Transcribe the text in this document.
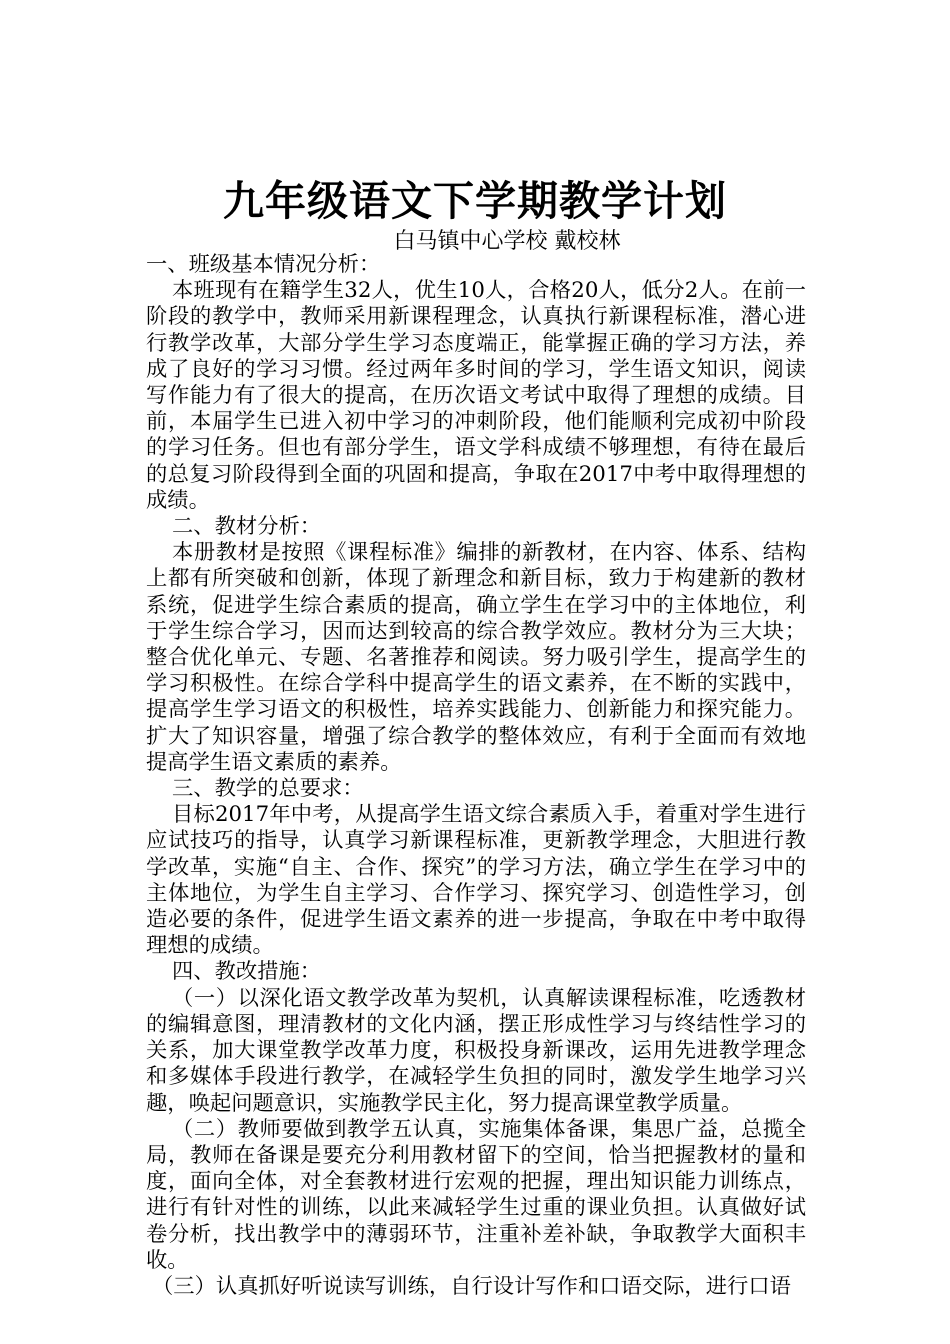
九年级语文下学期教学计划
白马镇中心学校 戴校林

一、班级基本情况分析：

本班现有在籍学生32人，优生10人，合格20人，低分2人。在前一阶段的教学中，教师采用新课程理念，认真执行新课程标准，潜心进行教学改革，大部分学生学习态度端正，能掌握正确的学习方法，养成了良好的学习习惯。经过两年多时间的学习，学生语文知识，阅读写作能力有了很大的提高，在历次语文考试中取得了理想的成绩。目前，本届学生已进入初中学习的冲刺阶段，他们能顺利完成初中阶段的学习任务。但也有部分学生，语文学科成绩不够理想，有待在最后的总复习阶段得到全面的巩固和提高，争取在2017中考中取得理想的成绩。

二、教材分析：

本册教材是按照《课程标准》编排的新教材，在内容、体系、结构上都有所突破和创新，体现了新理念和新目标，致力于构建新的教材系统，促进学生综合素质的提高，确立学生在学习中的主体地位，利于学生综合学习，因而达到较高的综合教学效应。教材分为三大块；整合优化单元、专题、名著推荐和阅读。努力吸引学生，提高学生的学习积极性。在综合学科中提高学生的语文素养，在不断的实践中，提高学生学习语文的积极性，培养实践能力、创新能力和探究能力。扩大了知识容量，增强了综合教学的整体效应，有利于全面而有效地提高学生语文素质的素养。

三、教学的总要求：

目标2017年中考，从提高学生语文综合素质入手，着重对学生进行应试技巧的指导，认真学习新课程标准，更新教学理念，大胆进行教学改革，实施“自主、合作、探究”的学习方法，确立学生在学习中的主体地位，为学生自主学习、合作学习、探究学习、创造性学习，创造必要的条件，促进学生语文素养的进一步提高，争取在中考中取得理想的成绩。

四、教改措施：

（一）以深化语文教学改革为契机，认真解读课程标准，吃透教材的编辑意图，理清教材的文化内涵，摆正形成性学习与终结性学习的关系，加大课堂教学改革力度，积极投身新课改，运用先进教学理念和多媒体手段进行教学，在减轻学生负担的同时，激发学生地学习兴趣，唤起问题意识，实施教学民主化，努力提高课堂教学质量。

（二）教师要做到教学五认真，实施集体备课，集思广益，总揽全局，教师在备课是要充分利用教材留下的空间，恰当把握教材的量和度，面向全体，对全套教材进行宏观的把握，理出知识能力训练点，进行有针对性的训练，以此来减轻学生过重的课业负担。认真做好试卷分析，找出教学中的薄弱环节，注重补差补缺，争取教学大面积丰收。

（三）认真抓好听说读写训练，自行设计写作和口语交际，进行口语
